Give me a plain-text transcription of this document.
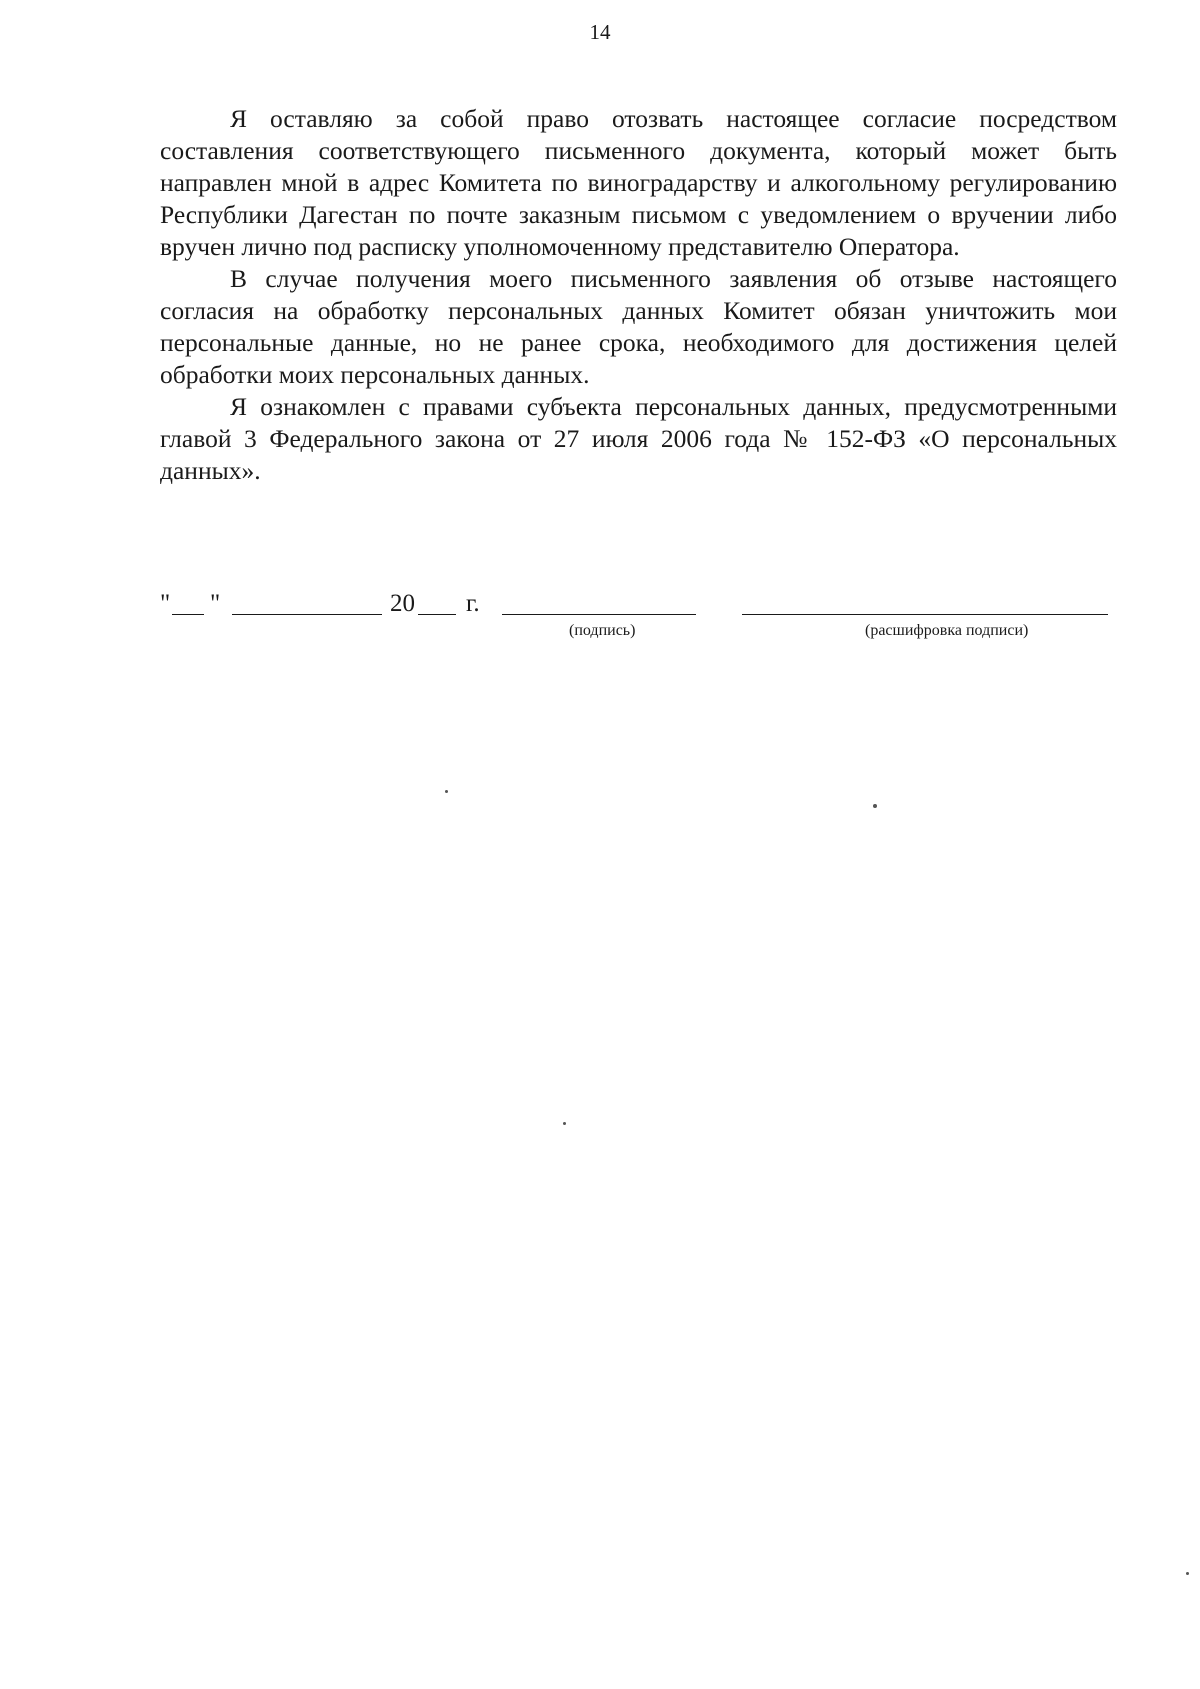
14

Я оставляю за собой право отозвать настоящее согласие посредством составления соответствующего письменного документа, который может быть направлен мной в адрес Комитета по виноградарству и алкогольному регулированию Республики Дагестан по почте заказным письмом с уведомлением о вручении либо вручен лично под расписку уполномоченному представителю Оператора.

В случае получения моего письменного заявления об отзыве настоящего согласия на обработку персональных данных Комитет обязан уничтожить мои персональные данные, но не ранее срока, необходимого для достижения целей обработки моих персональных данных.

Я ознакомлен с правами субъекта персональных данных, предусмотренными главой 3 Федерального закона от 27 июля 2006 года № 152-ФЗ «О персональных данных».

" "	20 г.
(подпись)	(расшифровка подписи)
